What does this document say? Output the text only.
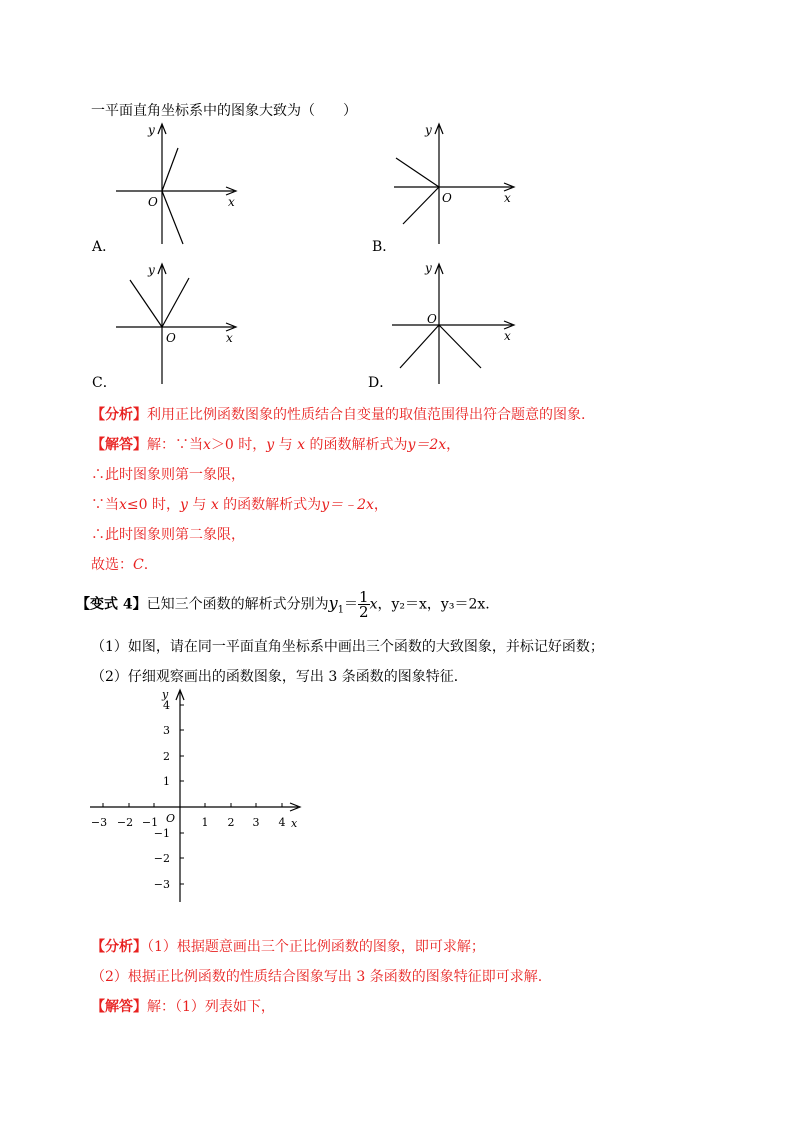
一平面直角坐标系中的图象大致为（　　）
y
x
O
A．
y
x
O
B．
y
x
O
C．
y
x
O
D．
【分析】利用正比例函数图象的性质结合自变量的取值范围得出符合题意的图象.
【解答】解：∵当x＞0 时，y 与 x 的函数解析式为y＝2x，
∴此时图象则第一象限，
∵当x≤0 时，y 与 x 的函数解析式为y＝﹣2x，
∴此时图象则第二象限，
故选：C.
【变式 4】已知三个函数的解析式分别为$y_1= \frac{1}{2}$ x，y₂＝x，y₃＝2x.
（1）如图，请在同一平面直角坐标系中画出三个函数的大致图象，并标记好函数；
（2）仔细观察画出的函数图象，写出 3 条函数的图象特征．
y
x
O
−3 −2 −1	1 2 3 4
4
3
2
1
−1
−2
−3
【分析】（1）根据题意画出三个正比例函数的图象，即可求解；
（2）根据正比例函数的性质结合图象写出 3 条函数的图象特征即可求解.
【解答】解：（1）列表如下，
